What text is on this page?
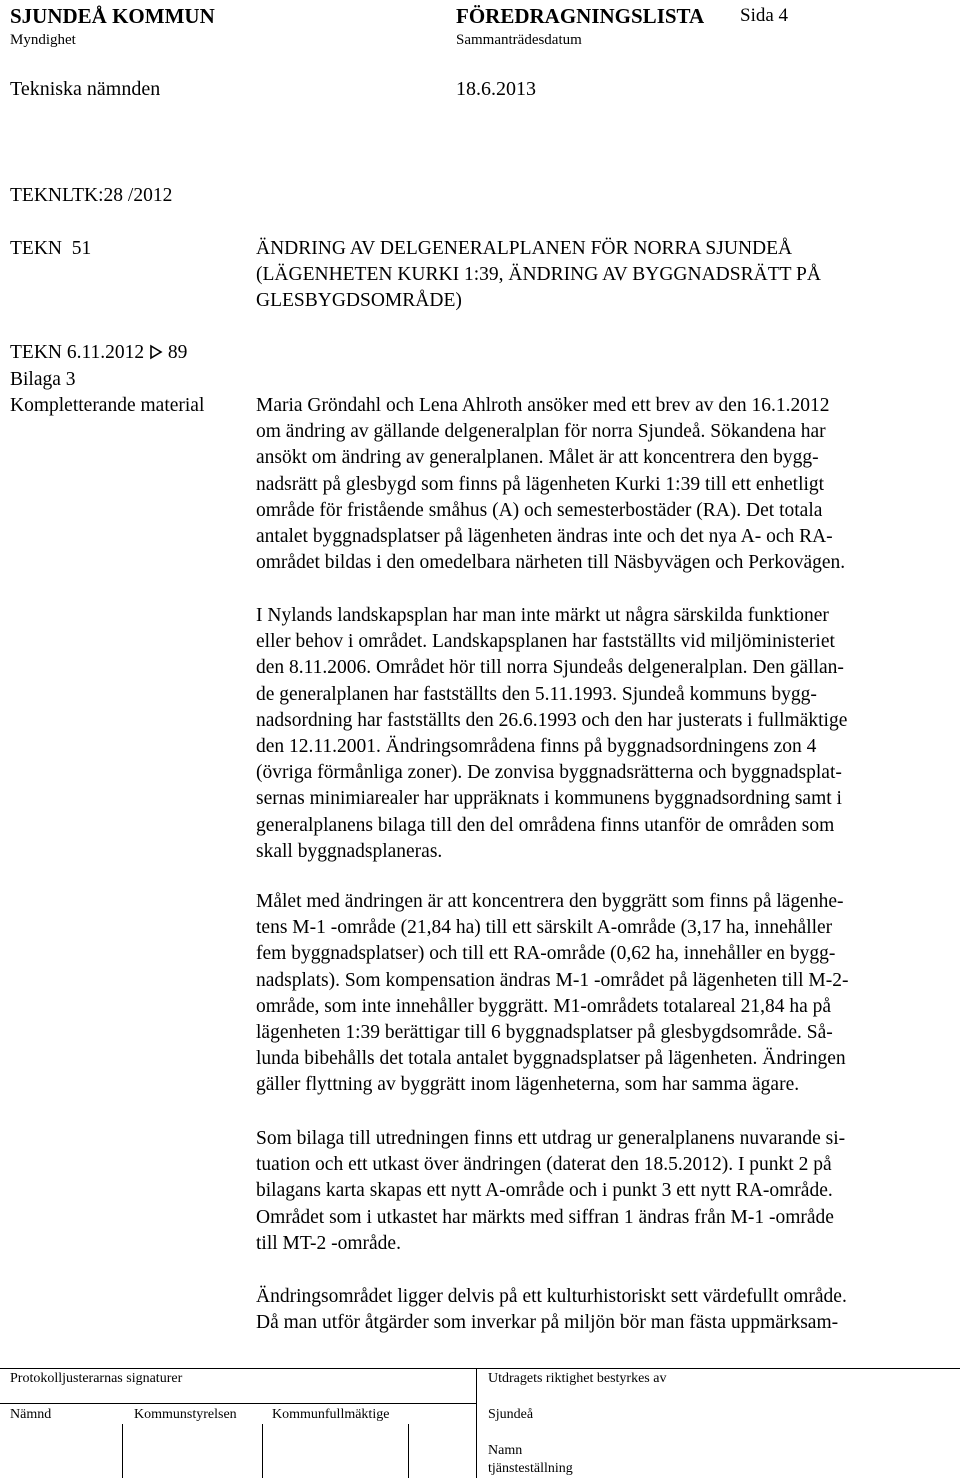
SJUNDEÅ KOMMUN	FÖREDRAGNINGSLISTA Sida 4
Myndighet	Sammanträdesdatum
Tekniska nämnden	18.6.2013
TEKNLTK:28 /2012
TEKN 51	ÄNDRING AV DELGENERALPLANEN FÖR NORRA SJUNDEÅ
(LÄGENHETEN KURKI 1:39, ÄNDRING AV BYGGNADSRÄTT PÅ
GLESBYGDSOMRÅDE)
TEKN 6.11.2012 89
Bilaga 3
Kompletterande material	Maria Gröndahl och Lena Ahlroth ansöker med ett brev av den 16.1.2012
om ändring av gällande delgeneralplan för norra Sjundeå. Sökandena har
ansökt om ändring av generalplanen. Målet är att koncentrera den bygg-
nadsrätt på glesbygd som finns på lägenheten Kurki 1:39 till ett enhetligt
område för fristående småhus (A) och semesterbostäder (RA). Det totala
antalet byggnadsplatser på lägenheten ändras inte och det nya A- och RA-
området bildas i den omedelbara närheten till Näsbyvägen och Perkovägen.
I Nylands landskapsplan har man inte märkt ut några särskilda funktioner
eller behov i området. Landskapsplanen har fastställts vid miljöministeriet
den 8.11.2006. Området hör till norra Sjundeås delgeneralplan. Den gällan-
de generalplanen har fastställts den 5.11.1993. Sjundeå kommuns bygg-
nadsordning har fastställts den 26.6.1993 och den har justerats i fullmäktige
den 12.11.2001. Ändringsområdena finns på byggnadsordningens zon 4
(övriga förmånliga zoner). De zonvisa byggnadsrätterna och byggnadsplat-
sernas minimiarealer har uppräknats i kommunens byggnadsordning samt i
generalplanens bilaga till den del områdena finns utanför de områden som
skall byggnadsplaneras.
Målet med ändringen är att koncentrera den byggrätt som finns på lägenhe-
tens M-1 -område (21,84 ha) till ett särskilt A-område (3,17 ha, innehåller
fem byggnadsplatser) och till ett RA-område (0,62 ha, innehåller en bygg-
nadsplats). Som kompensation ändras M-1 -området på lägenheten till M-2-
område, som inte innehåller byggrätt. M1-områdets totalareal 21,84 ha på
lägenheten 1:39 berättigar till 6 byggnadsplatser på glesbygdsområde. Så-
lunda bibehålls det totala antalet byggnadsplatser på lägenheten. Ändringen
gäller flyttning av byggrätt inom lägenheterna, som har samma ägare.
Som bilaga till utredningen finns ett utdrag ur generalplanens nuvarande si-
tuation och ett utkast över ändringen (daterat den 18.5.2012). I punkt 2 på
bilagans karta skapas ett nytt A-område och i punkt 3 ett nytt RA-område.
Området som i utkastet har märkts med siffran 1 ändras från M-1 -område
till MT-2 -område.
Ändringsområdet ligger delvis på ett kulturhistoriskt sett värdefullt område.
Då man utför åtgärder som inverkar på miljön bör man fästa uppmärksam-
Protokolljusterarnas signaturer	Utdragets riktighet bestyrkes av
Nämnd	Kommunstyrelsen	Kommunfullmäktige	Sjundeå
Namn
tjänsteställning
